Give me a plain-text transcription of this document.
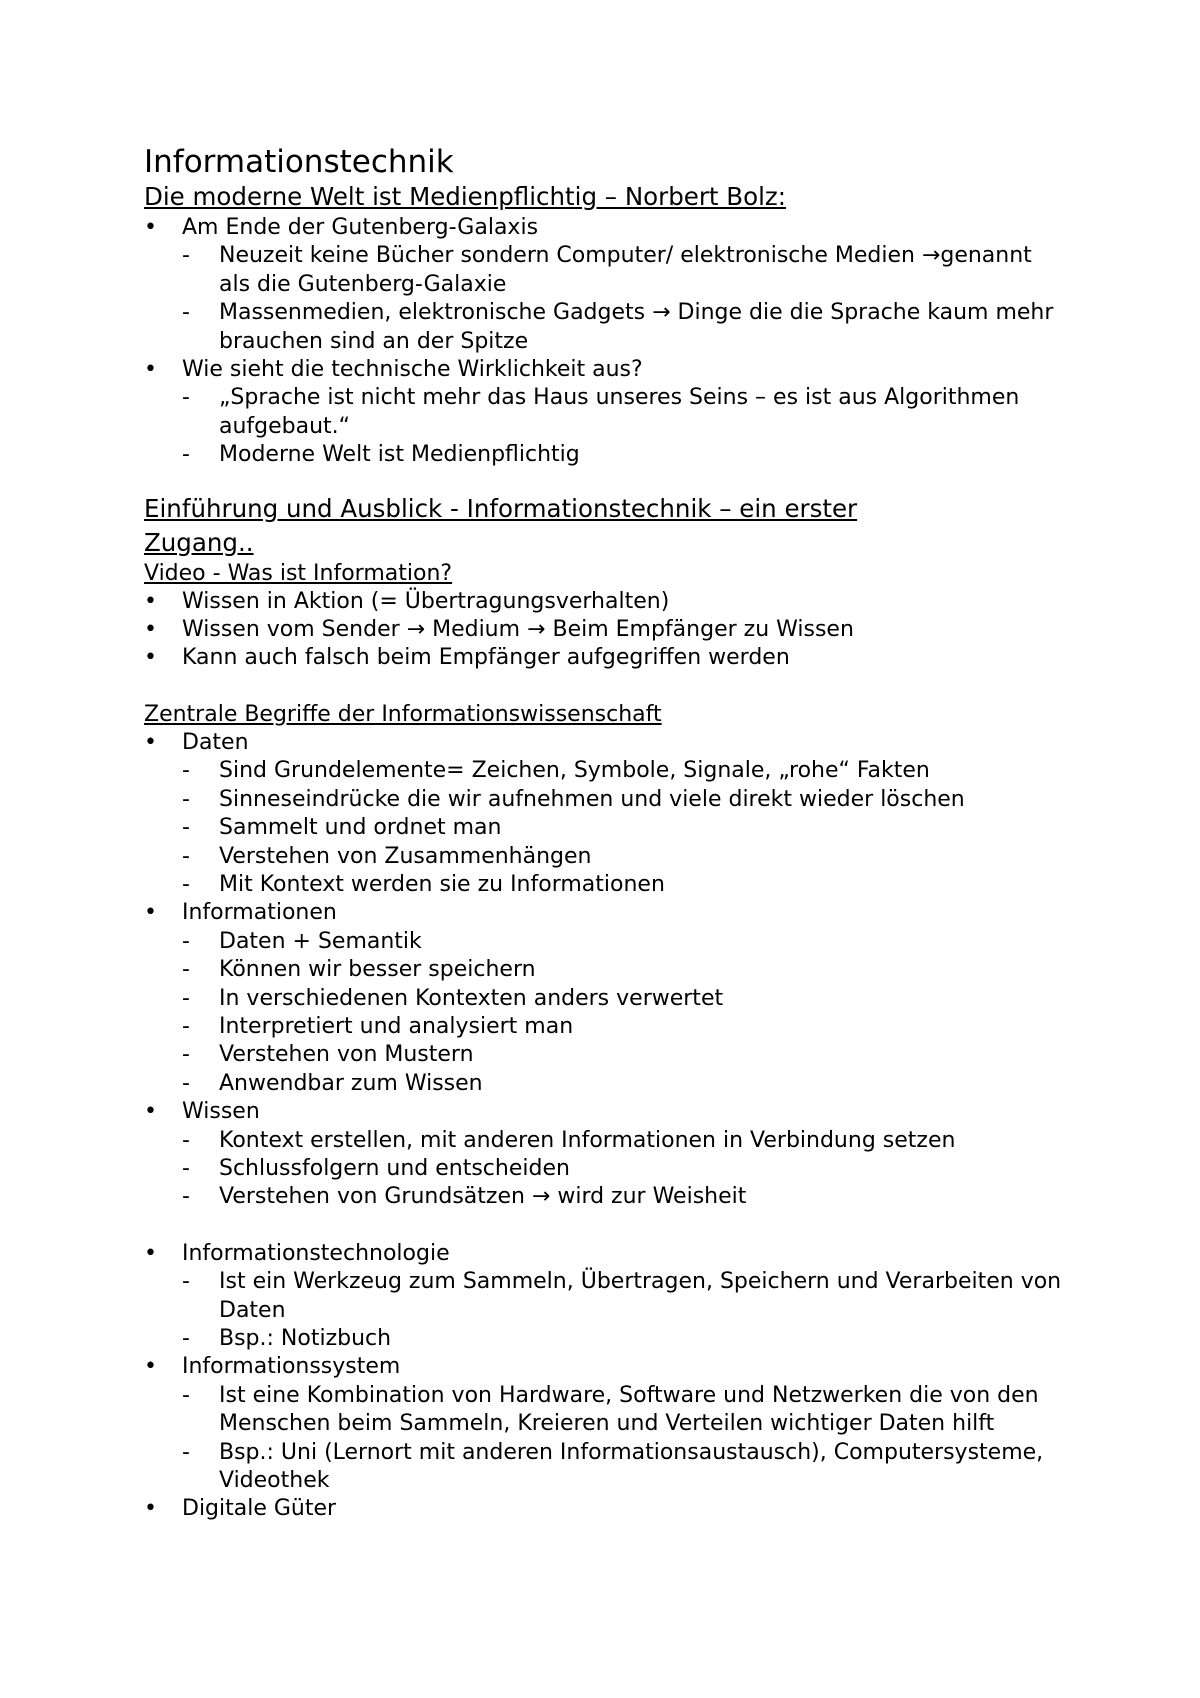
Informationstechnik
Die moderne Welt ist Medienpflichtig – Norbert Bolz:
• Am Ende der Gutenberg-Galaxis
- Neuzeit keine Bücher sondern Computer/ elektronische Medien →genannt als die Gutenberg-Galaxie
- Massenmedien, elektronische Gadgets → Dinge die die Sprache kaum mehr brauchen sind an der Spitze
• Wie sieht die technische Wirklichkeit aus?
- „Sprache ist nicht mehr das Haus unseres Seins – es ist aus Algorithmen aufgebaut.“
- Moderne Welt ist Medienpflichtig
Einführung und Ausblick - Informationstechnik – ein erster Zugang..
Video - Was ist Information?
• Wissen in Aktion (= Übertragungsverhalten)
• Wissen vom Sender → Medium → Beim Empfänger zu Wissen
• Kann auch falsch beim Empfänger aufgegriffen werden
Zentrale Begriffe der Informationswissenschaft
• Daten
- Sind Grundelemente= Zeichen, Symbole, Signale, „rohe“ Fakten
- Sinneseindrücke die wir aufnehmen und viele direkt wieder löschen
- Sammelt und ordnet man
- Verstehen von Zusammenhängen
- Mit Kontext werden sie zu Informationen
• Informationen
- Daten + Semantik
- Können wir besser speichern
- In verschiedenen Kontexten anders verwertet
- Interpretiert und analysiert man
- Verstehen von Mustern
- Anwendbar zum Wissen
• Wissen
- Kontext erstellen, mit anderen Informationen in Verbindung setzen
- Schlussfolgern und entscheiden
- Verstehen von Grundsätzen → wird zur Weisheit
• Informationstechnologie
- Ist ein Werkzeug zum Sammeln, Übertragen, Speichern und Verarbeiten von Daten
- Bsp.: Notizbuch
• Informationssystem
- Ist eine Kombination von Hardware, Software und Netzwerken die von den Menschen beim Sammeln, Kreieren und Verteilen wichtiger Daten hilft
- Bsp.: Uni (Lernort mit anderen Informationsaustausch), Computersysteme, Videothek
• Digitale Güter
